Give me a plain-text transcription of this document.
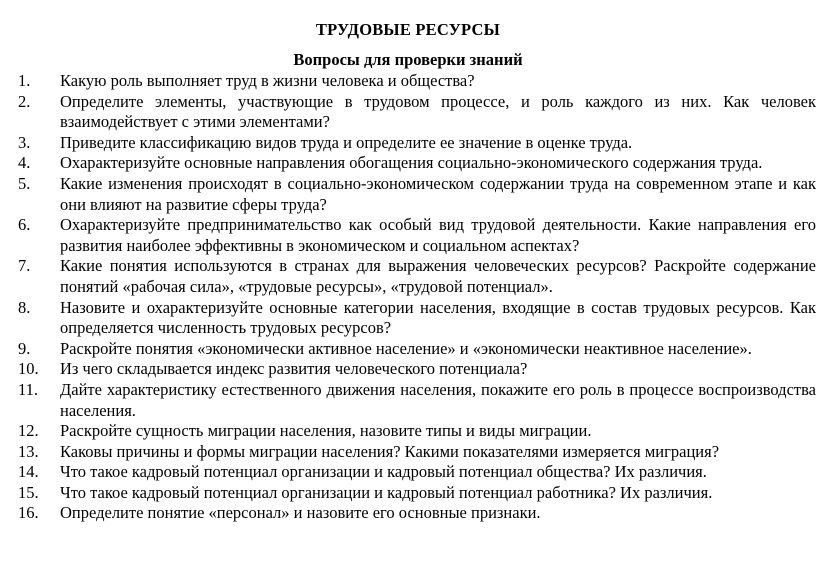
ТРУДОВЫЕ РЕСУРСЫ
Вопросы для проверки знаний
1. Какую роль выполняет труд в жизни человека и общества?
2. Определите элементы, участвующие в трудовом процессе, и роль каждого из них. Как человек взаимодействует с этими элементами?
3. Приведите классификацию видов труда и определите ее значение в оценке труда.
4. Охарактеризуйте основные направления обогащения социально-экономического содержания труда.
5. Какие изменения происходят в социально-экономическом содержании труда на современном этапе и как они влияют на развитие сферы труда?
6. Охарактеризуйте предпринимательство как особый вид трудовой деятельности. Какие направления его развития наиболее эффективны в экономическом и социальном аспектах?
7. Какие понятия используются в странах для выражения человеческих ресурсов? Раскройте содержание понятий «рабочая сила», «трудовые ресурсы», «трудовой потенциал».
8. Назовите и охарактеризуйте основные категории населения, входящие в состав трудовых ресурсов. Как определяется численность трудовых ресурсов?
9. Раскройте понятия «экономически активное население» и «экономически неактивное население».
10. Из чего складывается индекс развития человеческого потенциала?
11. Дайте характеристику естественного движения населения, покажите его роль в процессе воспроизводства населения.
12. Раскройте сущность миграции населения, назовите типы и виды миграции.
13. Каковы причины и формы миграции населения? Какими показателями измеряется миграция?
14. Что такое кадровый потенциал организации и кадровый потенциал общества? Их различия.
15. Что такое кадровый потенциал организации и кадровый потенциал работника? Их различия.
16. Определите понятие «персонал» и назовите его основные признаки.
